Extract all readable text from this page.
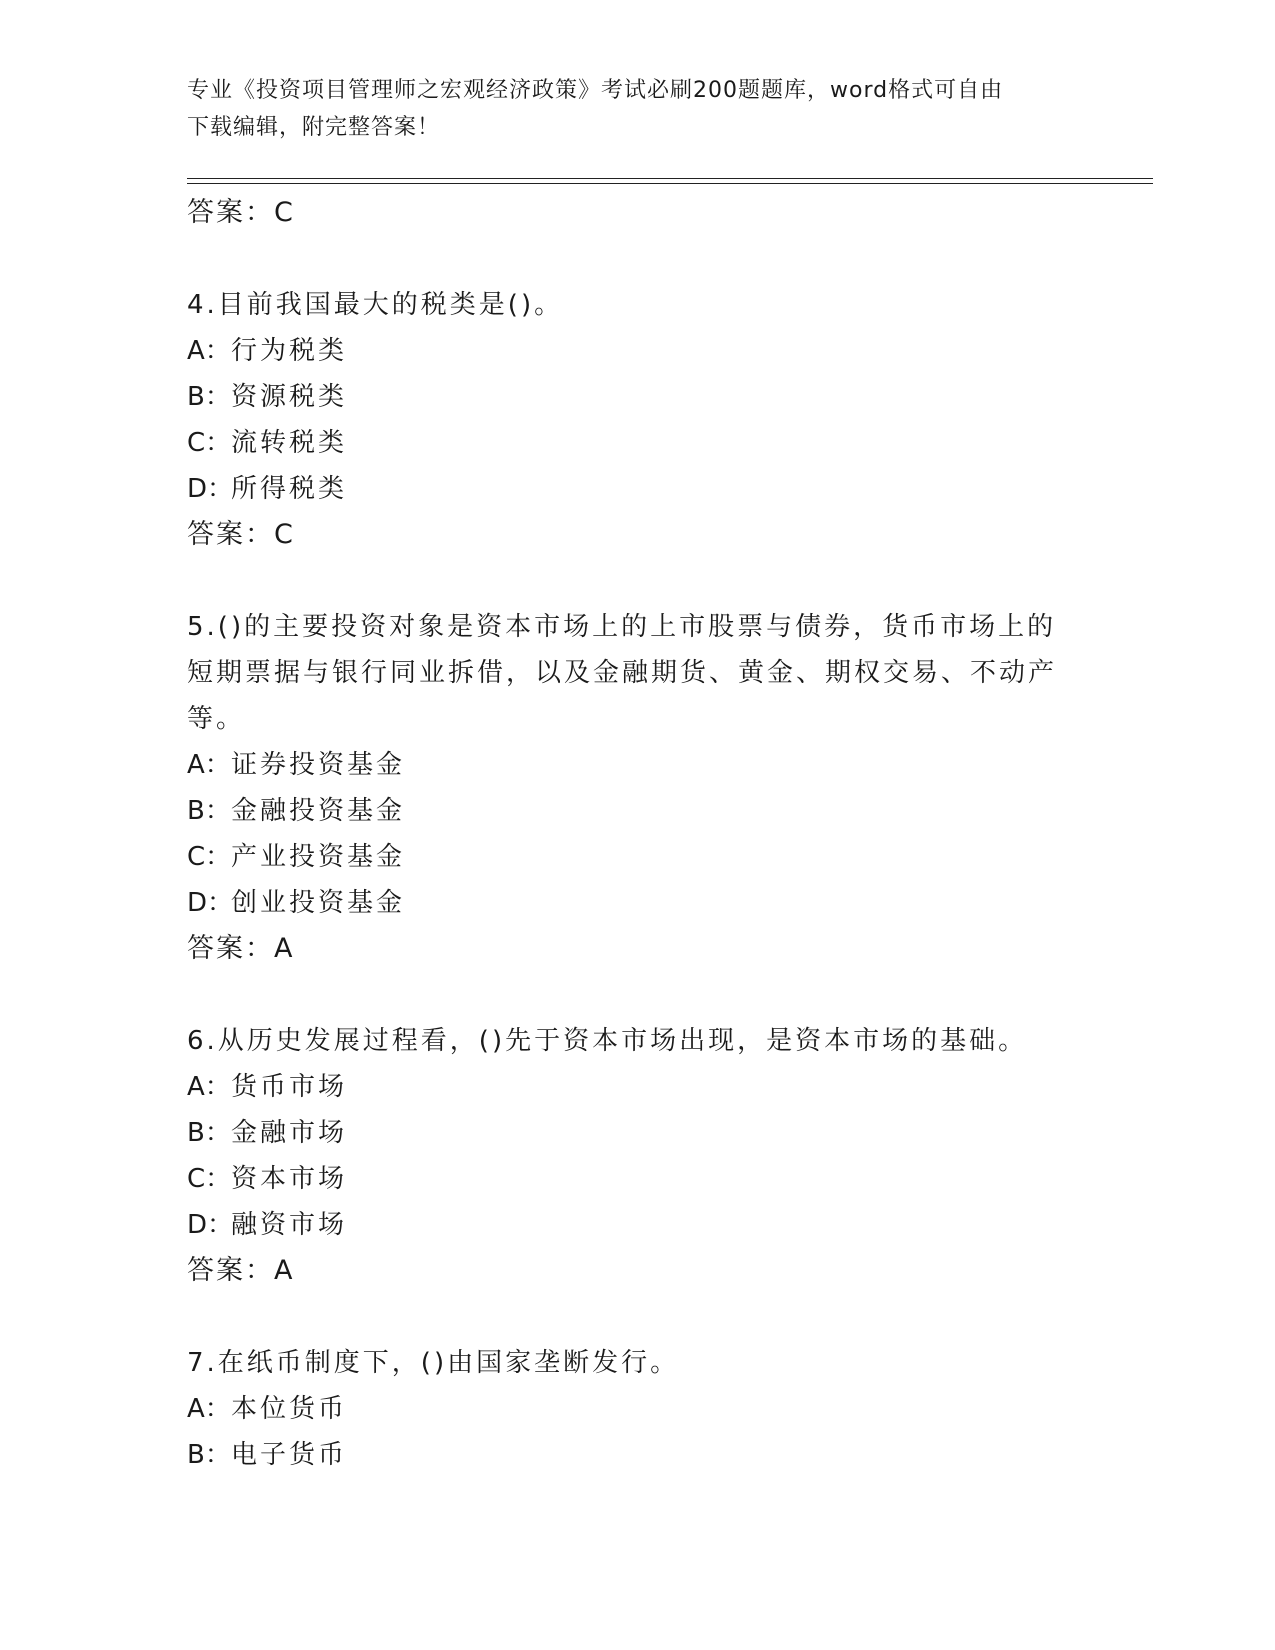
专业《投资项目管理师之宏观经济政策》考试必刷200题题库，word格式可自由
下载编辑，附完整答案！
答案：C
4.目前我国最大的税类是()。
A：行为税类
B：资源税类
C：流转税类
D：所得税类
答案：C
5.()的主要投资对象是资本市场上的上市股票与债券，货币市场上的
短期票据与银行同业拆借，以及金融期货、黄金、期权交易、不动产
等。
A：证券投资基金
B：金融投资基金
C：产业投资基金
D：创业投资基金
答案：A
6.从历史发展过程看，()先于资本市场出现，是资本市场的基础。
A：货币市场
B：金融市场
C：资本市场
D：融资市场
答案：A
7.在纸币制度下，()由国家垄断发行。
A：本位货币
B：电子货币
